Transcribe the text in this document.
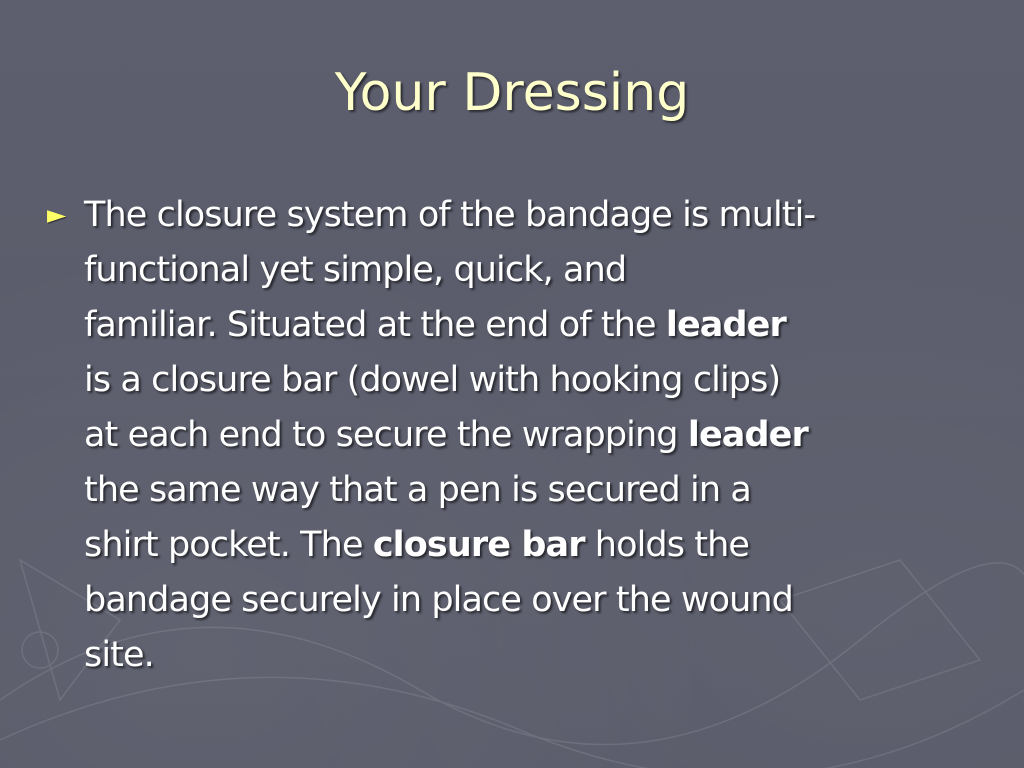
Your Dressing
► The closure system of the bandage is multi-
functional yet simple, quick, and
familiar. Situated at the end of the leader
is a closure bar (dowel with hooking clips)
at each end to secure the wrapping leader
the same way that a pen is secured in a
shirt pocket. The closure bar holds the
bandage securely in place over the wound
site.
